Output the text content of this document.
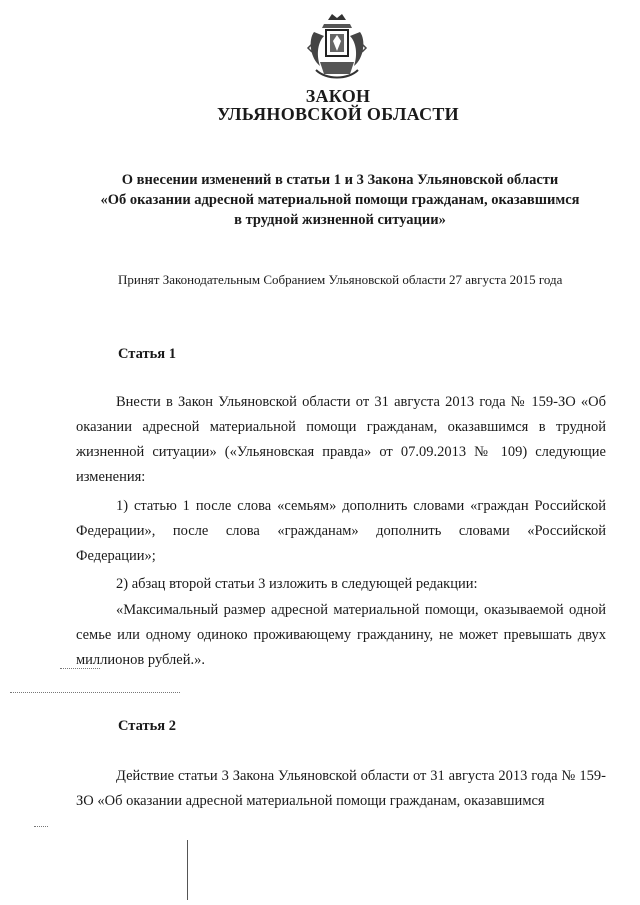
ЗАКОН
УЛЬЯНОВСКОЙ ОБЛАСТИ
О внесении изменений в статьи 1 и 3 Закона Ульяновской области
«Об оказании адресной материальной помощи гражданам, оказавшимся
в трудной жизненной ситуации»
Принят Законодательным Собранием Ульяновской области 27 августа 2015 года
Статья 1
Внести в Закон Ульяновской области от 31 августа 2013 года № 159-ЗО «Об оказании адресной материальной помощи гражданам, оказавшимся в трудной жизненной ситуации» («Ульяновская правда» от 07.09.2013 № 109) следующие изменения:
1) статью 1 после слова «семьям» дополнить словами «граждан Российской Федерации», после слова «гражданам» дополнить словами «Российской Федерации»;
2) абзац второй статьи 3 изложить в следующей редакции:
«Максимальный размер адресной материальной помощи, оказываемой одной семье или одному одиноко проживающему гражданину, не может превышать двух миллионов рублей.».
Статья 2
Действие статьи 3 Закона Ульяновской области от 31 августа 2013 года № 159-ЗО «Об оказании адресной материальной помощи гражданам, оказавшимся
